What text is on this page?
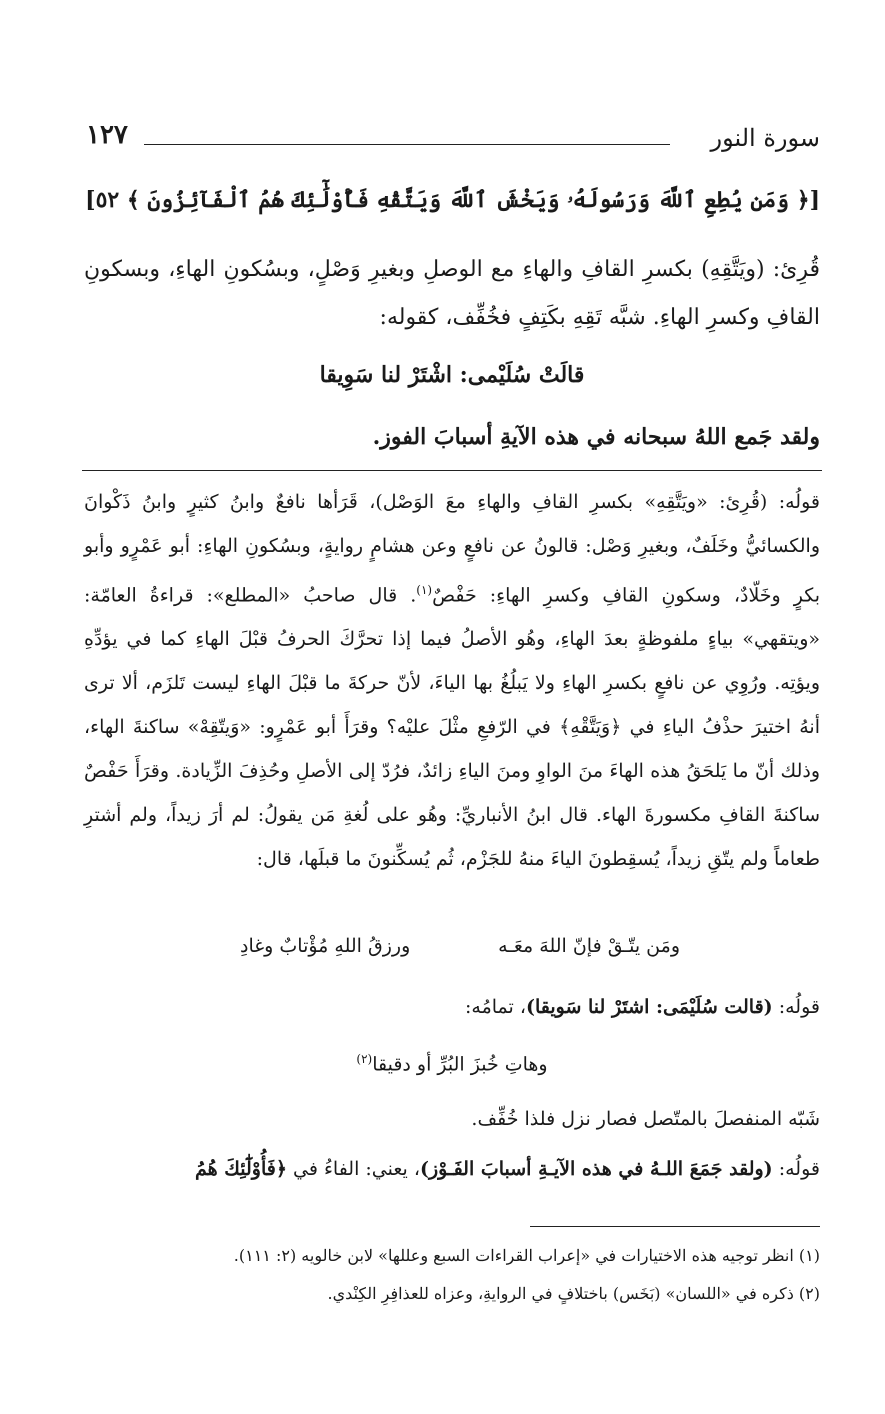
سورة النور
١٢٧
[﴿ وَمَن يُطِعِ ٱللَّهَ وَرَسُولَهُۥ وَيَخْشَ ٱللَّهَ وَيَتَّقْهِ فَأُوْلَٰٓئِكَ هُمُ ٱلْفَآئِزُونَ ﴾ ٥٢]

قُرِئ: (ويَتَّقِهِ) بكسرِ القافِ والهاءِ مع الوصلِ وبغيرِ وَصْلٍ، وبسُكونِ الهاءِ، وبسكونِ القافِ وكسرِ الهاءِ. شبَّه تَقِهِ بكَتِفٍ فخُفِّف، كقوله:

قالَتْ سُلَيْمى: اشْتَرْ لنا سَوِيقا
ولقد جَمع اللهُ سبحانه في هذه الآيةِ أسبابَ الفوز.

قولُه: (قُرِئ: «ويَتَّقِهِ» بكسرِ القافِ والهاءِ معَ الوَصْل)، قَرَأها نافعٌ وابنُ كثيرٍ وابنُ ذَكْوانَ والكسائيُّ وخَلَفٌ، وبغيرِ وَصْل: قالونُ عن نافعٍ وعن هشامٍ روايةٍ، وبسُكونِ الهاءِ: أبو عَمْرٍو وأبو بكرٍ وخَلّادٌ، وسكونِ القافِ وكسرِ الهاءِ: حَفْصٌ$^{(١)}$. قال صاحبُ «المطلع»: قراءةُ العامّة: «ويتقهي» بياءٍ ملفوظةٍ بعدَ الهاءِ، وهُو الأصلُ فيما إذا تحرَّكَ الحرفُ قبْلَ الهاءِ كما في يؤدِّهِ ويؤتِه. ورُوِي عن نافعٍ بكسرِ الهاءِ ولا يَبلُغُ بها الياءَ، لأنّ حركةَ ما قبْلَ الهاءِ ليست تَلزَم، ألا ترى أنهُ اختيرَ حذْفُ الياءِ في ﴿وَيَتَّقْهِ﴾ في الرّفعِ مثْلَ عليْه؟ وقرَأَ أبو عَمْرٍو: «وَيتّقِهْ» ساكنةَ الهاء، وذلك أنّ ما يَلحَقُ هذه الهاءَ منَ الواوِ ومنَ الياءِ زائدٌ، فرُدّ إلى الأصلِ وحُذِفَ الزِّيادة. وقرَأَ حَفْصٌ ساكنةَ القافِ مكسورةَ الهاء. قال ابنُ الأنباريِّ: وهُو على لُغةِ مَن يقولُ: لم أرَ زيداً، ولم أشترِ طعاماً ولم يتّقِ زيداً، يُسقِطونَ الياءَ منهُ للجَزْم، ثُم يُسكِّنونَ ما قبلَها، قال:

ومَن يتّـقْ فإنّ اللهَ معَـه
ورزقُ اللهِ مُؤْتابٌ وغادِ
قولُه: (قالت سُلَيْمَى: اشتَرْ لنا سَويقا)، تمامُه:
وهاتِ خُبزَ البُرِّ أو دقيقا$^{(٢)}$
شَبّه المنفصلَ بالمتّصل فصار نزل فلذا خُفِّف.
قولُه: (ولقد جَمَعَ اللـهُ في هذه الآيـةِ أسبابَ الفَـوْز)، يعني: الفاءُ في ﴿فَأُوْلَٰٓئِكَ هُمُ
(١) انظر توجيه هذه الاختيارات في «إعراب القراءات السبع وعللها» لابن خالويه (٢: ١١١).
(٢) ذكره في «اللسان» (بَخَس) باختلافٍ في الروايةِ، وعزاه للعذافِرِ الكِنْدي.
